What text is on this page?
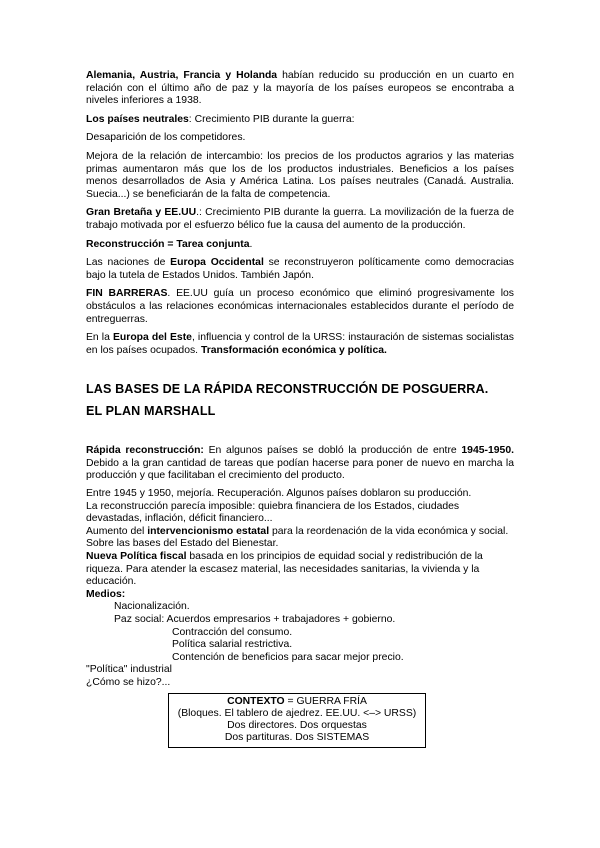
Alemania, Austria, Francia y Holanda habían reducido su producción en un cuarto en relación con el último año de paz y la mayoría de los países europeos se encontraba a niveles inferiores a 1938.

Los países neutrales: Crecimiento PIB durante la guerra:

Desaparición de los competidores.

Mejora de la relación de intercambio: los precios de los productos agrarios y las materias primas aumentaron más que los de los productos industriales. Beneficios a los países menos desarrollados de Asia y América Latina. Los países neutrales (Canadá. Australia. Suecia...) se beneficiarán de la falta de competencia.

Gran Bretaña y EE.UU.: Crecimiento PIB durante la guerra. La movilización de la fuerza de trabajo motivada por el esfuerzo bélico fue la causa del aumento de la producción.

Reconstrucción = Tarea conjunta.

Las naciones de Europa Occidental se reconstruyeron políticamente como democracias bajo la tutela de Estados Unidos. También Japón.

FIN BARRERAS. EE.UU guía un proceso económico que eliminó progresivamente los obstáculos a las relaciones económicas internacionales establecidos durante el período de entreguerras.

En la Europa del Este, influencia y control de la URSS: instauración de sistemas socialistas en los países ocupados. Transformación económica y política.

LAS BASES DE LA RÁPIDA RECONSTRUCCIÓN DE POSGUERRA.
EL PLAN MARSHALL

Rápida reconstrucción: En algunos países se dobló la producción de entre 1945-1950. Debido a la gran cantidad de tareas que podían hacerse para poner de nuevo en marcha la producción y que facilitaban el crecimiento del producto.

Entre 1945 y 1950, mejoría. Recuperación. Algunos países doblaron su producción.

La reconstrucción parecía imposible: quiebra financiera de los Estados, ciudades devastadas, inflación, déficit financiero...

Aumento del intervencionismo estatal para la reordenación de la vida económica y social. Sobre las bases del Estado del Bienestar.

Nueva Política fiscal basada en los principios de equidad social y redistribución de la riqueza. Para atender la escasez material, las necesidades sanitarias, la vivienda y la educación.

Medios:

Nacionalización.

Paz social: Acuerdos empresarios + trabajadores + gobierno.

Contracción del consumo.

Política salarial restrictiva.

Contención de beneficios para sacar mejor precio.

"Política" industrial

¿Cómo se hizo?...

CONTEXTO = GUERRA FRÍA

(Bloques. El tablero de ajedrez. EE.UU. <–> URSS)

Dos directores. Dos orquestas

Dos partituras. Dos SISTEMAS
